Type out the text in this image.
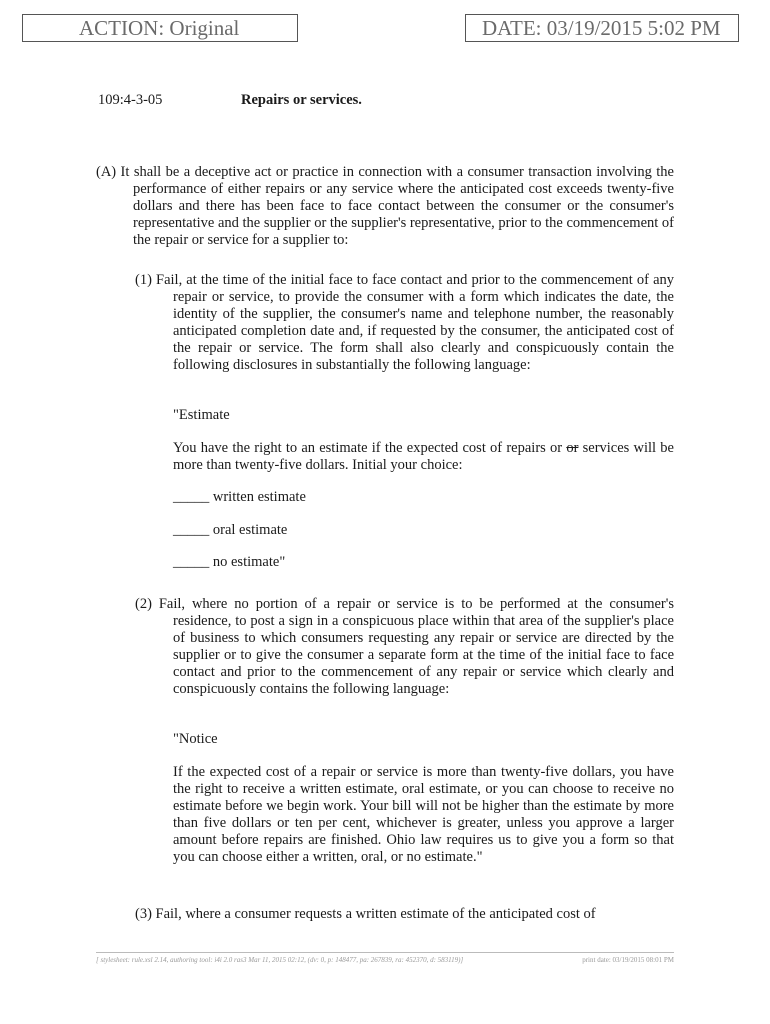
ACTION: Original	DATE: 03/19/2015 5:02 PM
109:4-3-05	Repairs or services.

(A) It shall be a deceptive act or practice in connection with a consumer transaction involving the performance of either repairs or any service where the anticipated cost exceeds twenty-five dollars and there has been face to face contact between the consumer or the consumer's representative and the supplier or the supplier's representative, prior to the commencement of the repair or service for a supplier to:

(1) Fail, at the time of the initial face to face contact and prior to the commencement of any repair or service, to provide the consumer with a form which indicates the date, the identity of the supplier, the consumer's name and telephone number, the reasonably anticipated completion date and, if requested by the consumer, the anticipated cost of the repair or service. The form shall also clearly and conspicuously contain the following disclosures in substantially the following language:

"Estimate

You have the right to an estimate if the expected cost of repairs or or services will be more than twenty-five dollars. Initial your choice:

_____ written estimate

_____ oral estimate

_____ no estimate"

(2) Fail, where no portion of a repair or service is to be performed at the consumer's residence, to post a sign in a conspicuous place within that area of the supplier's place of business to which consumers requesting any repair or service are directed by the supplier or to give the consumer a separate form at the time of the initial face to face contact and prior to the commencement of any repair or service which clearly and conspicuously contains the following language:

"Notice

If the expected cost of a repair or service is more than twenty-five dollars, you have the right to receive a written estimate, oral estimate, or you can choose to receive no estimate before we begin work. Your bill will not be higher than the estimate by more than five dollars or ten per cent, whichever is greater, unless you approve a larger amount before repairs are finished. Ohio law requires us to give you a form so that you can choose either a written, oral, or no estimate."

(3) Fail, where a consumer requests a written estimate of the anticipated cost of

[ stylesheet: rule.xsl 2.14, authoring tool: i4i 2.0 ras3 Mar 11, 2015 02:12, (dv: 0, p: 148477, pa: 267839, ra: 452370, d: 583119)]	print date: 03/19/2015 08:01 PM
